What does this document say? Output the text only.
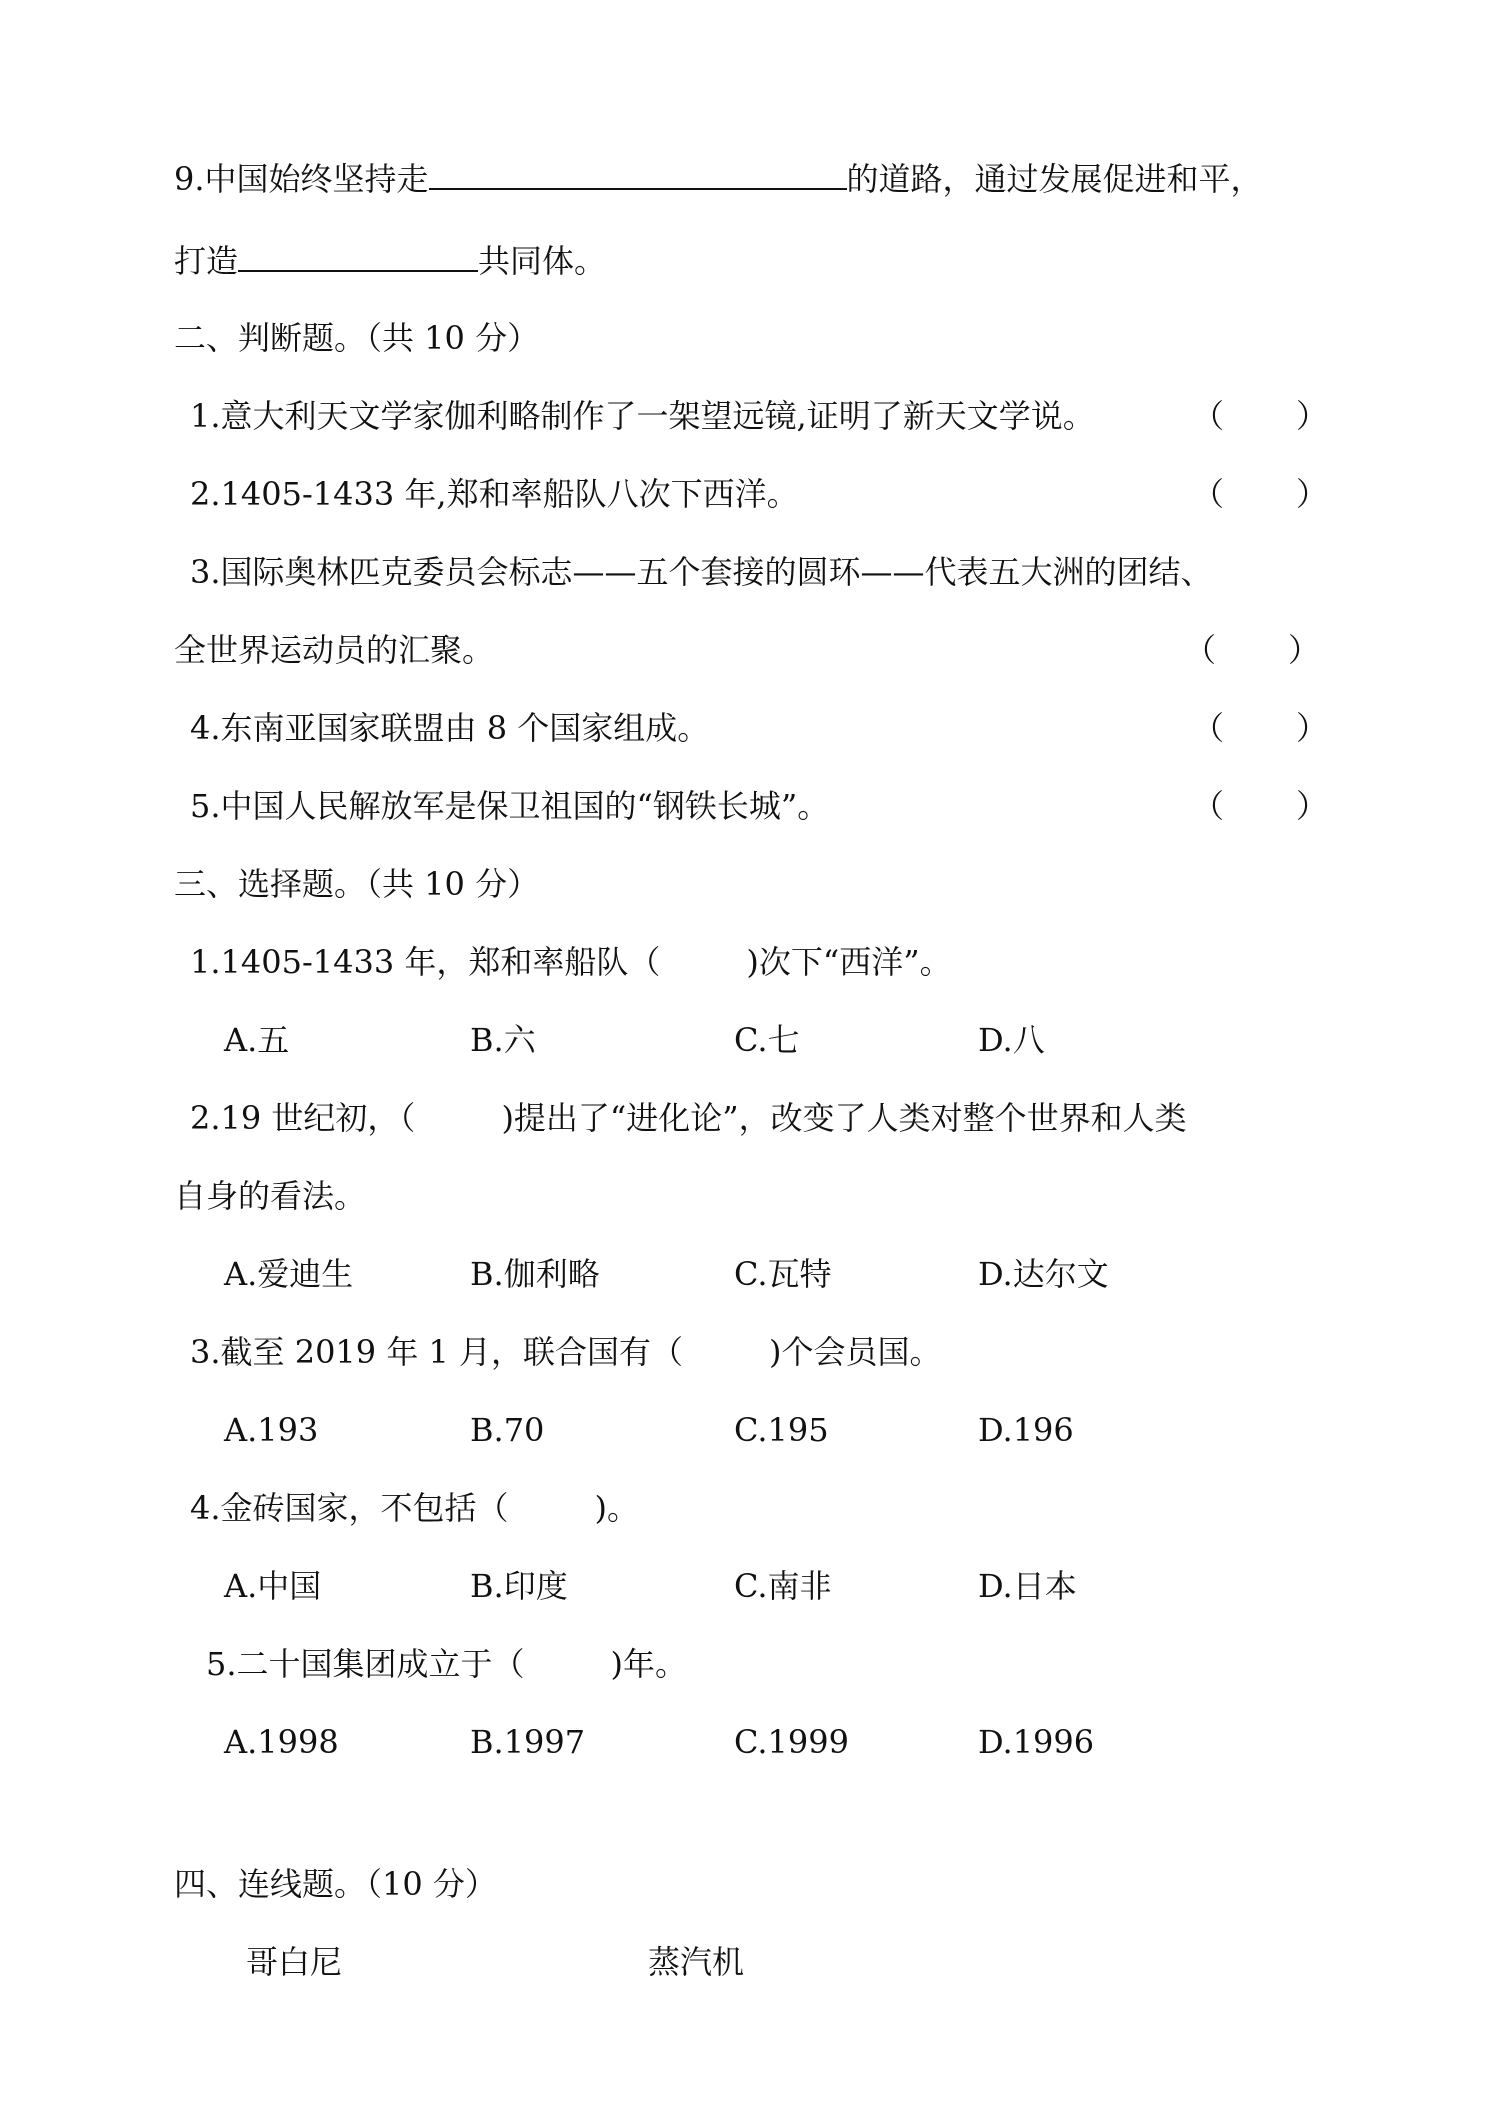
9.中国始终坚持走	的道路，通过发展促进和平，
打造	共同体。
二、判断题。（共 10 分）
1.意大利天文学家伽利略制作了一架望远镜,证明了新天文学说。	（ ）
2.1405-1433 年,郑和率船队八次下西洋。	（ ）
3.国际奥林匹克委员会标志——五个套接的圆环——代表五大洲的团结、
全世界运动员的汇聚。	（ ）
4.东南亚国家联盟由 8 个国家组成。	（ ）
5.中国人民解放军是保卫祖国的“钢铁长城”。	（ ）
三、选择题。（共 10 分）
1.1405-1433 年，郑和率船队（	)次下“西洋”。
A.五	B.六	C.七	D.八
2.19 世纪初，（	)提出了“进化论”，改变了人类对整个世界和人类
自身的看法。
A.爱迪生	B.伽利略	C.瓦特	D.达尔文
3.截至 2019 年 1 月，联合国有（	)个会员国。
A.193	B.70	C.195	D.196
4.金砖国家，不包括（	)。
A.中国	B.印度	C.南非	D.日本
5.二十国集团成立于（	)年。
A.1998	B.1997	C.1999	D.1996
四、连线题。（10 分）
哥白尼	蒸汽机
